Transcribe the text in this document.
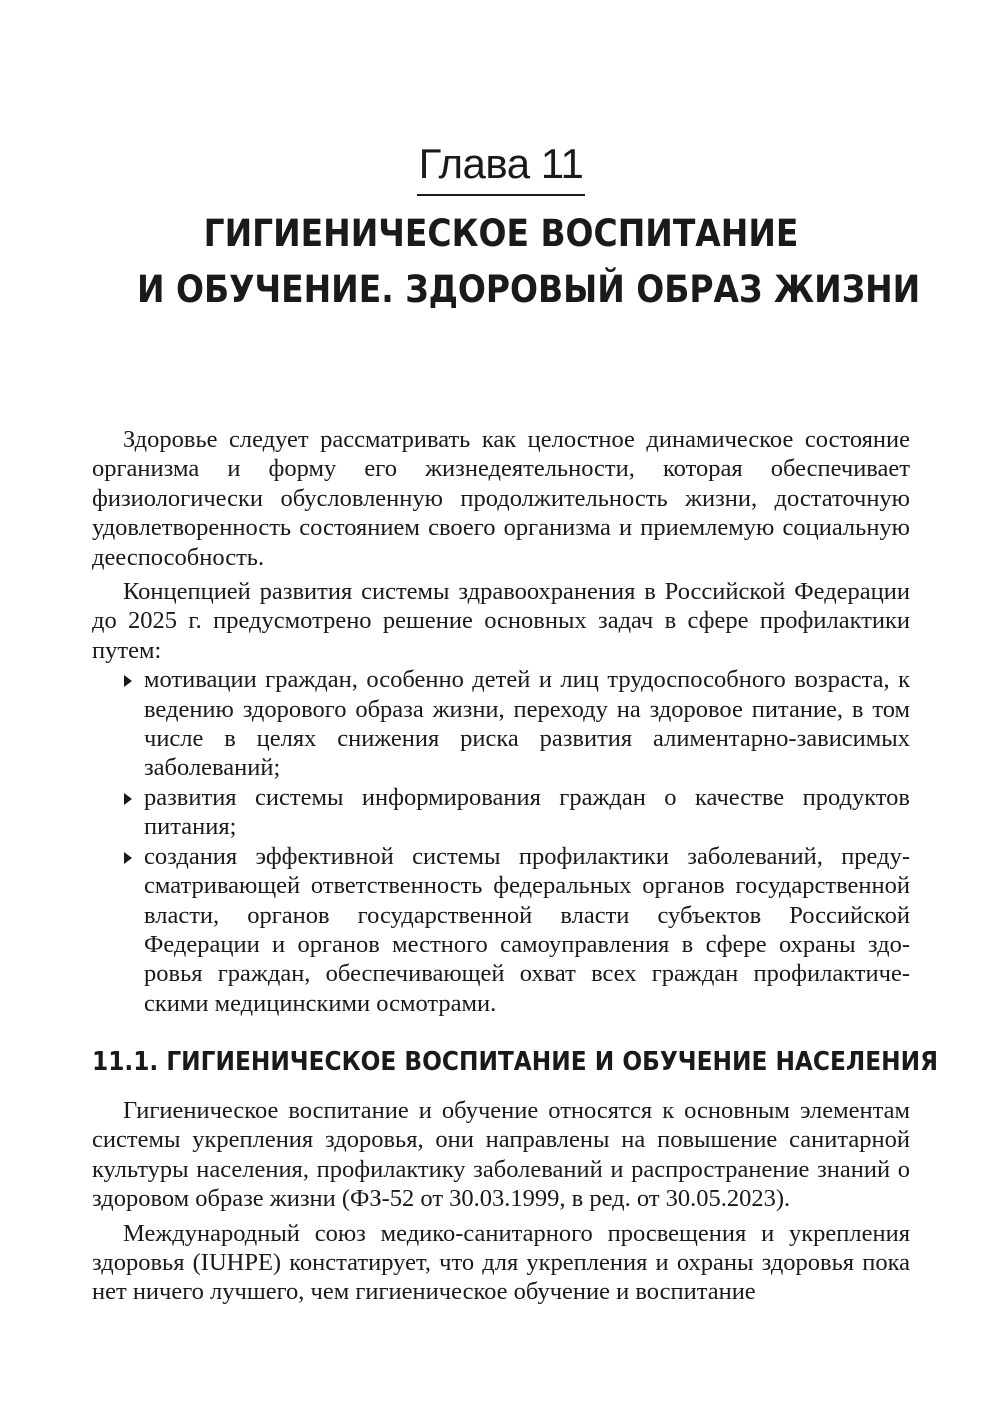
Глава 11
ГИГИЕНИЧЕСКОЕ ВОСПИТАНИЕ
И ОБУЧЕНИЕ. ЗДОРОВЫЙ ОБРАЗ ЖИЗНИ

Здоровье следует рассматривать как целостное динамическое состояние организма и форму его жизнедеятельности, которая обеспечивает физиологически обусловленную продолжительность жизни, достаточную удовлетворенность состоянием своего организма и приемлемую социальную дееспособность.

Концепцией развития системы здравоохранения в Российской Федерации до 2025 г. предусмотрено решение основных задач в сфере профилактики путем:

мотивации граждан, особенно детей и лиц трудоспособного возраста, к ведению здорового образа жизни, переходу на здоровое питание, в том числе в целях снижения риска развития алиментарно-зависимых заболеваний;
развития системы информирования граждан о качестве продуктов питания;
создания эффективной системы профилактики заболеваний, предусматривающей ответственность федеральных органов государственной власти, органов государственной власти субъектов Российской Федерации и органов местного самоуправления в сфере охраны здоровья граждан, обеспечивающей охват всех граждан профилактическими медицинскими осмотрами.
11.1. ГИГИЕНИЧЕСКОЕ ВОСПИТАНИЕ И ОБУЧЕНИЕ НАСЕЛЕНИЯ

Гигиеническое воспитание и обучение относятся к основным элементам системы укрепления здоровья, они направлены на повышение санитарной культуры населения, профилактику заболеваний и распространение знаний о здоровом образе жизни (ФЗ-52 от 30.03.1999, в ред. от 30.05.2023).

Международный союз медико-санитарного просвещения и укрепления здоровья (IUHPE) констатирует, что для укрепления и охраны здоровья пока нет ничего лучшего, чем гигиеническое обучение и воспитание
